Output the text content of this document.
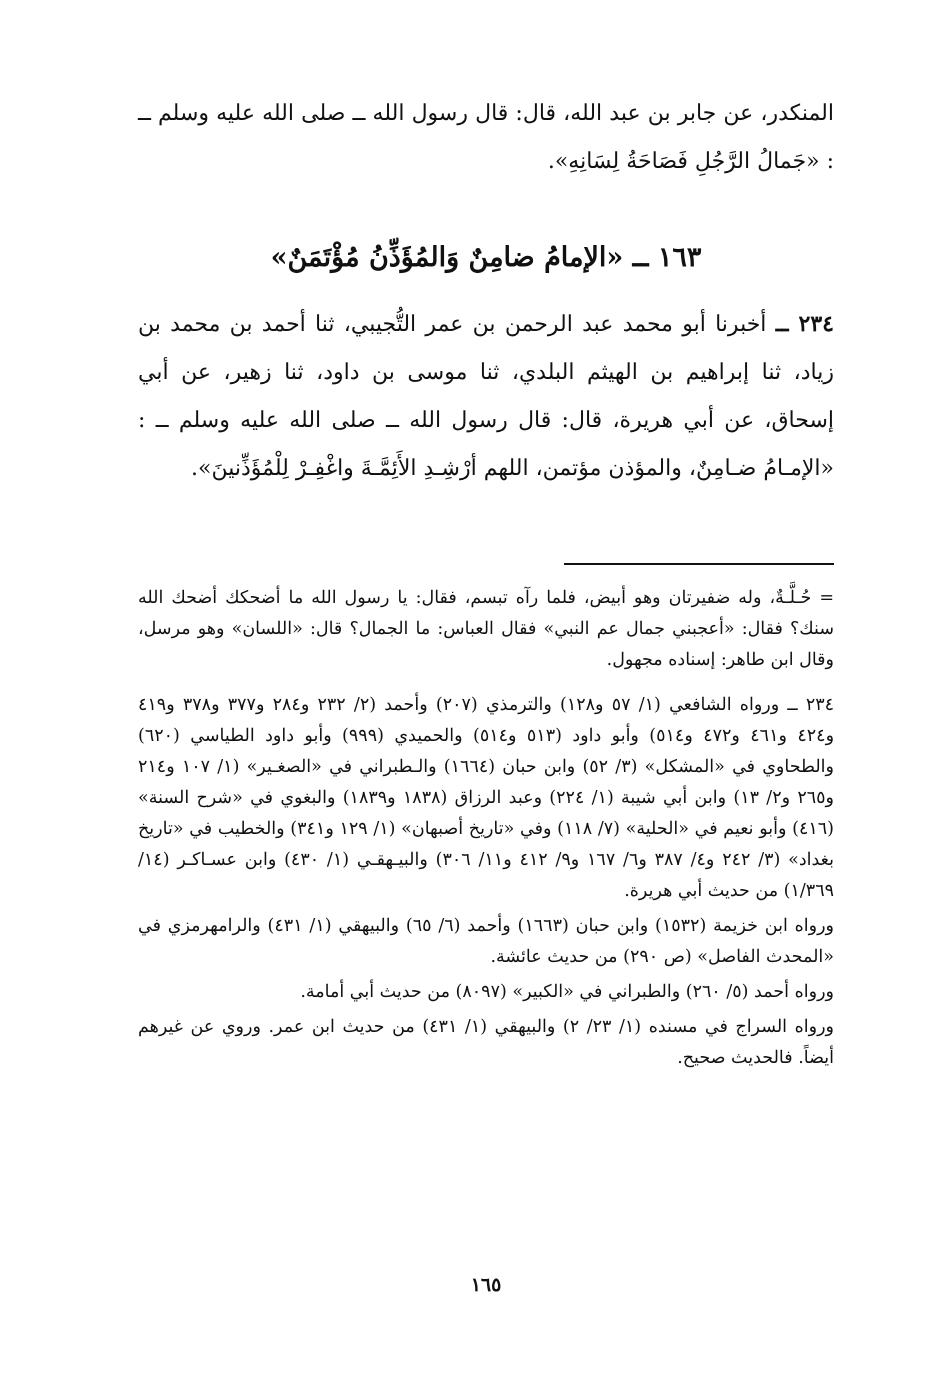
المنكدر، عن جابر بن عبد الله، قال: قال رسول الله ــ صلى الله عليه وسلم ــ : «جَمالُ الرَّجُلِ فَصَاحَةُ لِسَانِهِ».

١٦٣ ــ «الإمامُ ضامِنٌ وَالمُؤَذِّنُ مُؤْتَمَنٌ»

٢٣٤ ــ أخبرنا أبو محمد عبد الرحمن بن عمر التُّجيبي، ثنا أحمد بن محمد بن زياد، ثنا إبراهيم بن الهيثم البلدي، ثنا موسى بن داود، ثنا زهير، عن أبي إسحاق، عن أبي هريرة، قال: قال رسول الله ــ صلى الله عليه وسلم ــ : «الإمـامُ ضـامِنٌ، والمؤذن مؤتمن، اللهم أرْشِـدِ الأَئِمَّـةَ واغْفِـرْ لِلْمُؤَذِّنينَ».

= حُـلَّـةٌ، وله ضفيرتان وهو أبيض، فلما رآه تبسم، فقال: يا رسول الله ما أضحكك أضحك الله سنك؟ فقال: «أعجبني جمال عم النبي» فقال العباس: ما الجمال؟ قال: «اللسان» وهو مرسل، وقال ابن طاهر: إسناده مجهول.

٢٣٤ ــ ورواه الشافعي (١/ ٥٧ و١٢٨) والترمذي (٢٠٧) وأحمد (٢/ ٢٣٢ و٢٨٤ و٣٧٧ و٣٧٨ و٤١٩ و٤٢٤ و٤٦١ و٤٧٢ و٥١٤) وأبو داود (٥١٣ و٥١٤) والحميدي (٩٩٩) وأبو داود الطياسي (٦٢٠) والطحاوي في «المشكل» (٣/ ٥٢) وابن حبان (١٦٦٤) والـطبراني في «الصغـير» (١/ ١٠٧ و٢١٤ و٢٦٥ و٢/ ١٣) وابن أبي شيبة (١/ ٢٢٤) وعبد الرزاق (١٨٣٨ و١٨٣٩) والبغوي في «شرح السنة» (٤١٦) وأبو نعيم في «الحلية» (٧/ ١١٨) وفي «تاريخ أصبهان» (١/ ١٢٩ و٣٤١) والخطيب في «تاريخ بغداد» (٣/ ٢٤٢ و٤/ ٣٨٧ و٦/ ١٦٧ و٩/ ٤١٢ و١١/ ٣٠٦) والبيـهقـي (١/ ٤٣٠) وابن عسـاكـر (١٤/ ١/٣٦٩) من حديث أبي هريرة.

ورواه ابن خزيمة (١٥٣٢) وابن حبان (١٦٦٣) وأحمد (٦/ ٦٥) والبيهقي (١/ ٤٣١) والرامهرمزي في «المحدث الفاصل» (ص ٢٩٠) من حديث عائشة.

ورواه أحمد (٥/ ٢٦٠) والطبراني في «الكبير» (٨٠٩٧) من حديث أبي أمامة.

ورواه السراج في مسنده (١/ ٢٣/ ٢) والبيهقي (١/ ٤٣١) من حديث ابن عمر. وروي عن غيرهم أيضاً. فالحديث صحيح.

١٦٥
